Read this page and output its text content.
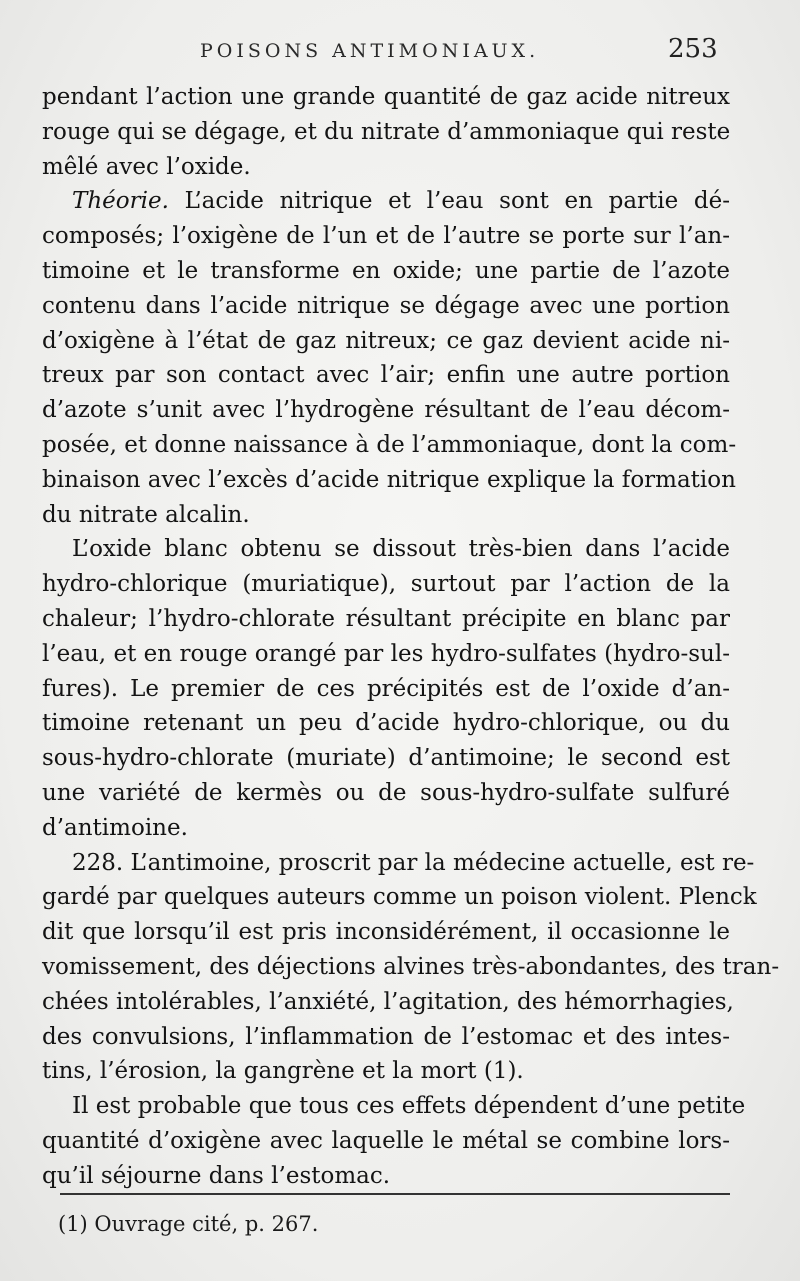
POISONS ANTIMONIAUX.	253
pendant l’action une grande quantité de gaz acide nitreux
rouge qui se dégage, et du nitrate d’ammoniaque qui reste
mêlé avec l’oxide.
Théorie. L’acide nitrique et l’eau sont en partie dé-
composés; l’oxigène de l’un et de l’autre se porte sur l’an-
timoine et le transforme en oxide; une partie de l’azote
contenu dans l’acide nitrique se dégage avec une portion
d’oxigène à l’état de gaz nitreux; ce gaz devient acide ni-
treux par son contact avec l’air; enfin une autre portion
d’azote s’unit avec l’hydrogène résultant de l’eau décom-
posée, et donne naissance à de l’ammoniaque, dont la com-
binaison avec l’excès d’acide nitrique explique la formation
du nitrate alcalin.
L’oxide blanc obtenu se dissout très-bien dans l’acide
hydro-chlorique (muriatique), surtout par l’action de la
chaleur; l’hydro-chlorate résultant précipite en blanc par
l’eau, et en rouge orangé par les hydro-sulfates (hydro-sul-
fures). Le premier de ces précipités est de l’oxide d’an-
timoine retenant un peu d’acide hydro-chlorique, ou du
sous-hydro-chlorate (muriate) d’antimoine; le second est
une variété de kermès ou de sous-hydro-sulfate sulfuré
d’antimoine.
228. L’antimoine, proscrit par la médecine actuelle, est re-
gardé par quelques auteurs comme un poison violent. Plenck
dit que lorsqu’il est pris inconsidérément, il occasionne le
vomissement, des déjections alvines très-abondantes, des tran-
chées intolérables, l’anxiété, l’agitation, des hémorrhagies,
des convulsions, l’inflammation de l’estomac et des intes-
tins, l’érosion, la gangrène et la mort (1).
Il est probable que tous ces effets dépendent d’une petite
quantité d’oxigène avec laquelle le métal se combine lors-
qu’il séjourne dans l’estomac.
(1) Ouvrage cité, p. 267.
